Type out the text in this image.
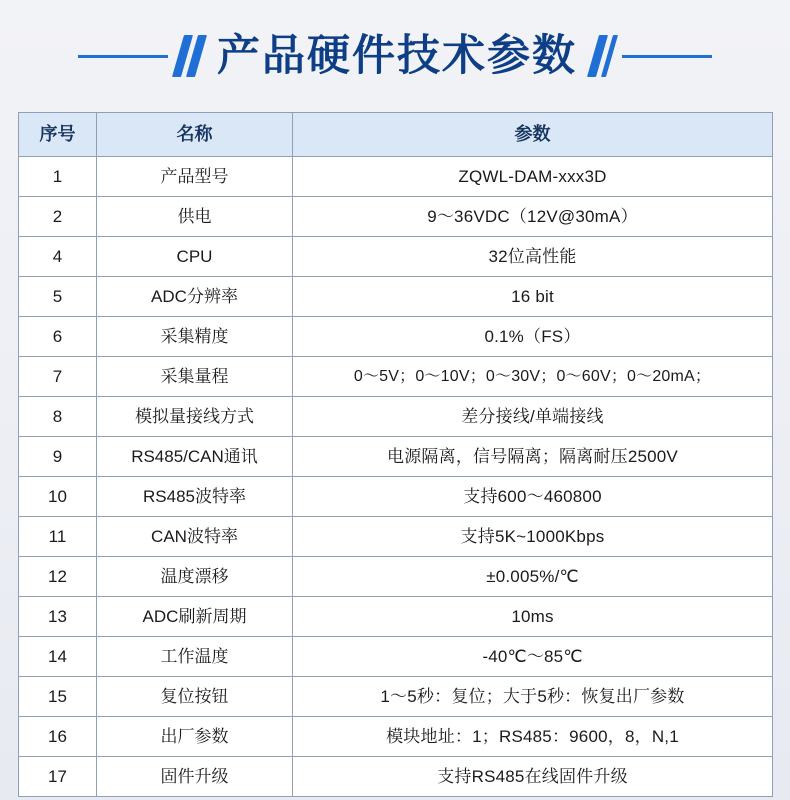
产品硬件技术参数
序号	名称	参数
1	产品型号	ZQWL-DAM-xxx3D
2	供电	9～36VDC（12V@30mA）
4	CPU	32位高性能
5	ADC分辨率	16 bit
6	采集精度	0.1%（FS）
7	采集量程	0～5V；0～10V；0～30V；0～60V；0～20mA；
8	模拟量接线方式	差分接线/单端接线
9	RS485/CAN通讯	电源隔离，信号隔离；隔离耐压2500V
10	RS485波特率	支持600～460800
11	CAN波特率	支持5K~1000Kbps
12	温度漂移	±0.005%/℃
13	ADC刷新周期	10ms
14	工作温度	-40℃～85℃
15	复位按钮	1～5秒：复位；大于5秒：恢复出厂参数
16	出厂参数	模块地址：1；RS485：9600，8，N,1
17	固件升级	支持RS485在线固件升级
